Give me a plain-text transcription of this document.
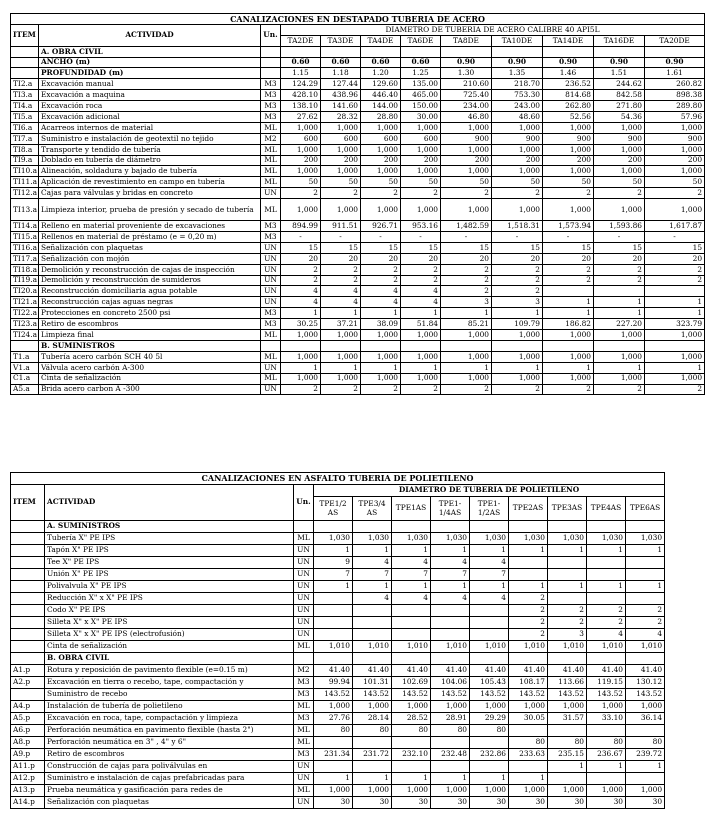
CANALIZACIONES EN DESTAPADO TUBERIA DE ACERO											
ITEM	ACTIVIDAD	Un.	DIAMETRO DE TUBERIA DE ACERO CALIBRE 40 API5L								
			TA2DE	TA3DE	TA4DE	TA6DE	TA8DE	TA10DE	TA14DE	TA16DE	TA20DE
	A. OBRA CIVIL										
	ANCHO (m)		0.60	0.60	0.60	0.60	0.90	0.90	0.90	0.90	0.90
	PROFUNDIDAD (m)		1.15	1.18	1.20	1.25	1.30	1.35	1.46	1.51	1.61
TI2.a	Excavación manual	M3	124.29	127.44	129.60	135.00	210.60	218.70	236.52	244.62	260.82
TI3.a	Excavación a maquina	M3	428.10	438.96	446.40	465.00	725.40	753.30	814.68	842.58	898.38
TI4.a	Excavación roca	M3	138.10	141.60	144.00	150.00	234.00	243.00	262.80	271.80	289.80
TI5.a	Excavación adicional	M3	27.62	28.32	28.80	30.00	46.80	48.60	52.56	54.36	57.96
TI6.a	Acarreos internos de material	ML	1,000	1,000	1,000	1,000	1,000	1,000	1,000	1,000	1,000
TI7.a	Suministro e instalación de geotextil no tejido	M2	600	600	600	600	900	900	900	900	900
TI8.a	Transporte y tendido de tubería	ML	1,000	1,000	1,000	1,000	1,000	1,000	1,000	1,000	1,000
TI9.a	Doblado en tubería de diámetro	ML	200	200	200	200	200	200	200	200	200
TI10.a	Alineación, soldadura y bajado de tubería	ML	1,000	1,000	1,000	1,000	1,000	1,000	1,000	1,000	1,000
TI11.a	Aplicación de revestimiento en campo en tubería	ML	50	50	50	50	50	50	50	50	50
TI12.a	Cajas para válvulas y bridas en concreto	UN	2	2	2	2	2	2	2	2	2
TI13.a	Limpieza interior, prueba de presión y secado de tubería	ML	1,000	1,000	1,000	1,000	1,000	1,000	1,000	1,000	1,000
TI14.a	Relleno en material proveniente de excavaciones	M3	894.99	911.51	926.71	953.16	1,482.59	1,518.31	1,573.94	1,593.86	1,617.87
TI15.a	Rellenos en material de préstamo (e = 0,20 m)	M3	-	-	-	-	-	-	-	-	-
TI16.a	Señalización con plaquetas	UN	15	15	15	15	15	15	15	15	15
TI17.a	Señalización con mojón	UN	20	20	20	20	20	20	20	20	20
TI18.a	Demolición y reconstrucción de cajas de inspección	UN	2	2	2	2	2	2	2	2	2
TI19.a	Demolición y reconstrucción de sumideros	UN	2	2	2	2	2	2	2	2	2
TI20.a	Reconstrucción domiciliaria agua potable	UN	4	4	4	4	2	2			
TI21.a	Reconstrucción cajas aguas negras	UN	4	4	4	4	3	3	1	1	1
TI22.a	Protecciones en concreto 2500 psi	M3	1	1	1	1	1	1	1	1	1
TI23.a	Retiro de escombros	M3	30.25	37.21	38.09	51.84	85.21	109.79	186.82	227.20	323.79
TI24.a	Limpieza final	ML	1,000	1,000	1,000	1,000	1,000	1,000	1,000	1,000	1,000
	B. SUMINISTROS										
T1.a	Tubería acero carbón SCH 40 5l	ML	1,000	1,000	1,000	1,000	1,000	1,000	1,000	1,000	1,000
V1.a	Válvula acero carbón A-300	UN	1	1	1	1	1	1	1	1	1
C1.a	Cinta de señalización	ML	1,000	1,000	1,000	1,000	1,000	1,000	1,000	1,000	1,000
A5.a	Brida acero carbon A -300	UN	2	2	2	2	2	2	2	2	2
CANALIZACIONES EN ASFALTO TUBERIA DE POLIETILENO											
ITEM	ACTIVIDAD	Un.	DIAMETRO DE TUBERIA DE POLIETILENO								
			TPE1/2 AS	TPE3/4 AS	TPE1AS	TPE1-1/4AS	TPE1-1/2AS	TPE2AS	TPE3AS	TPE4AS	TPE6AS
	A. SUMINISTROS										
	Tubería X" PE IPS	ML	1,030	1,030	1,030	1,030	1,030	1,030	1,030	1,030	1,030
	Tapón X" PE IPS	UN	1	1	1	1	1	1	1	1	1
	Tee X" PE IPS	UN	9	4	4	4	4				
	Unión X" PE IPS	UN	7	7	7	7	7				
	Polivalvula X" PE IPS	UN	1	1	1	1	1	1	1	1	1
	Reducción X" x X" PE IPS	UN		4	4	4	4	2			
	Codo X" PE IPS	UN						2	2	2	2
	Silleta X" x X" PE IPS	UN						2	2	2	2
	Silleta X" x X" PE IPS (electrofusión)	UN						2	3	4	4
	Cinta de señalización	ML	1,010	1,010	1,010	1,010	1,010	1,010	1,010	1,010	1,010
	B. OBRA CIVIL										
A1.p	Rotura y reposición de pavimento flexible (e=0.15 m)	M2	41.40	41.40	41.40	41.40	41.40	41.40	41.40	41.40	41.40
A2.p	Excavación en tierra o recebo, tape, compactación y	M3	99.94	101.31	102.69	104.06	105.43	108.17	113.66	119.15	130.12
	Suministro de recebo	M3	143.52	143.52	143.52	143.52	143.52	143.52	143.52	143.52	143.52
A4.p	Instalación de tubería de polietileno	ML	1,000	1,000	1,000	1,000	1,000	1,000	1,000	1,000	1,000
A5.p	Excavación en roca, tape, compactación y limpieza	M3	27.76	28.14	28.52	28.91	29.29	30.05	31.57	33.10	36.14
A6.p	Perforación neumática en pavimento flexible (hasta 2")	ML	80	80	80	80	80				
A8.p	Perforación neumática en 3" , 4" y 6"	ML						80	80	80	80
A9.p	Retiro de escombros	M3	231.34	231.72	232.10	232.48	232.86	233.63	235.15	236.67	239.72
A11.p	Construcción de cajas para poliválvulas en	UN							1	1	1
A12.p	Suministro e instalación de cajas prefabricadas para	UN	1	1	1	1	1	1			
A13.p	Prueba neumática y gasificación para redes de	ML	1,000	1,000	1,000	1,000	1,000	1,000	1,000	1,000	1,000
A14.p	Señalización con plaquetas	UN	30	30	30	30	30	30	30	30	30
